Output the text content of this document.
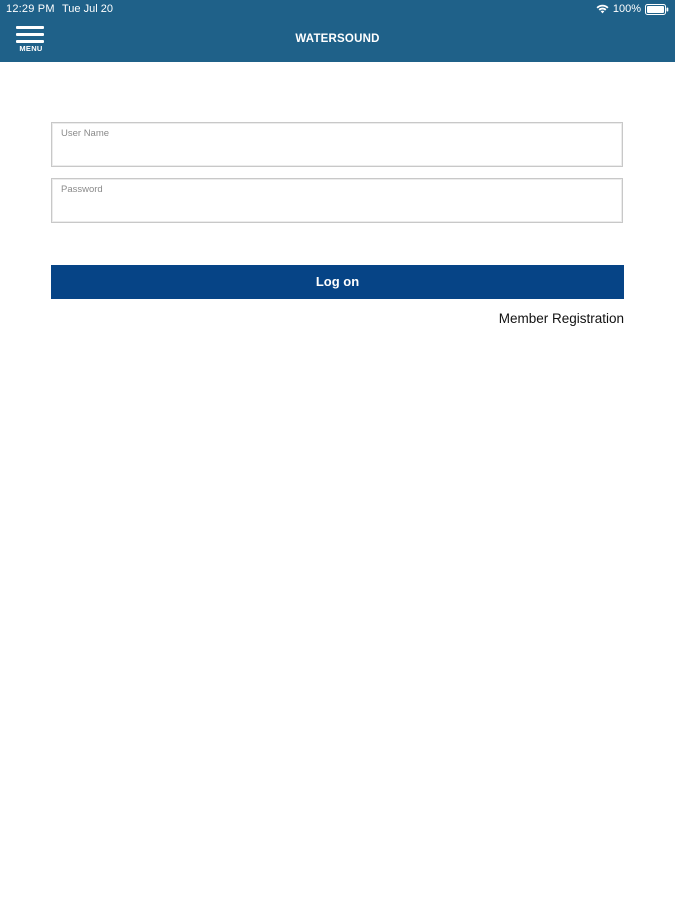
12:29 PM Tue Jul 20	100%
MENU
WATERSOUND
User Name
Password
Log on
Member Registration
